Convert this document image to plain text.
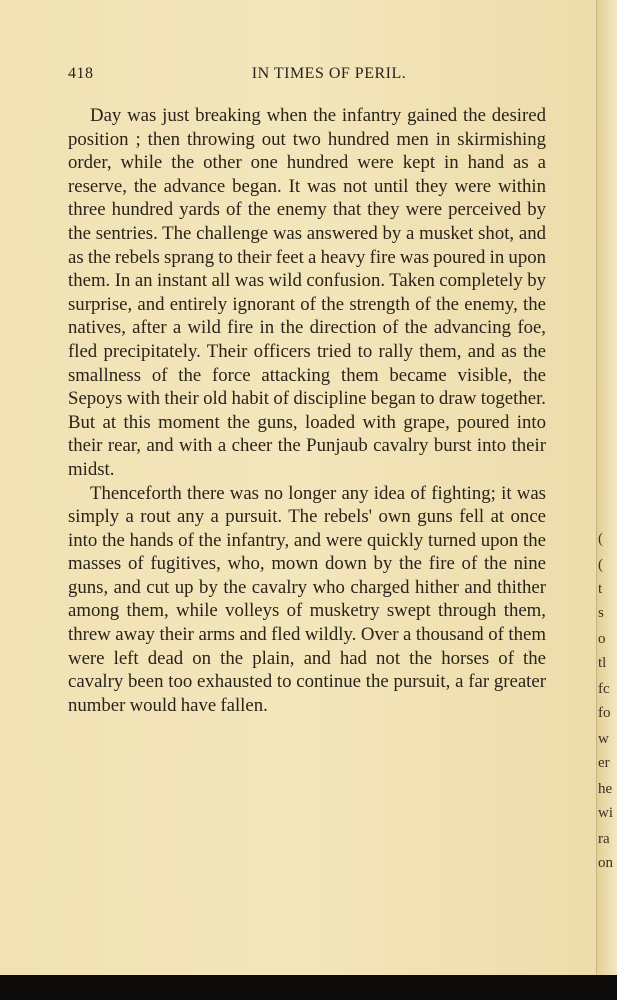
(
(
t
s
o
tl
fc
fo
w
er
he
wi
ra
on
418	IN TIMES OF PERIL.

Day was just breaking when the infantry gained the desired position ; then throwing out two hundred men in skirmishing order, while the other one hundred were kept in hand as a reserve, the advance began. It was not until they were within three hundred yards of the enemy that they were perceived by the sentries. The challenge was answered by a musket shot, and as the rebels sprang to their feet a heavy fire was poured in upon them. In an instant all was wild confusion. Taken completely by surprise, and entirely ignorant of the strength of the enemy, the natives, after a wild fire in the direction of the advancing foe, fled precipitately. Their officers tried to rally them, and as the smallness of the force attacking them became visible, the Sepoys with their old habit of discipline began to draw together. But at this moment the guns, loaded with grape, poured into their rear, and with a cheer the Punjaub cavalry burst into their midst.

Thenceforth there was no longer any idea of fighting; it was simply a rout any a pursuit. The rebels' own guns fell at once into the hands of the infantry, and were quickly turned upon the masses of fugitives, who, mown down by the fire of the nine guns, and cut up by the cavalry who charged hither and thither among them, while volleys of musketry swept through them, threw away their arms and fled wildly. Over a thousand of them were left dead on the plain, and had not the horses of the cavalry been too exhausted to continue the pursuit, a far greater number would have fallen.
